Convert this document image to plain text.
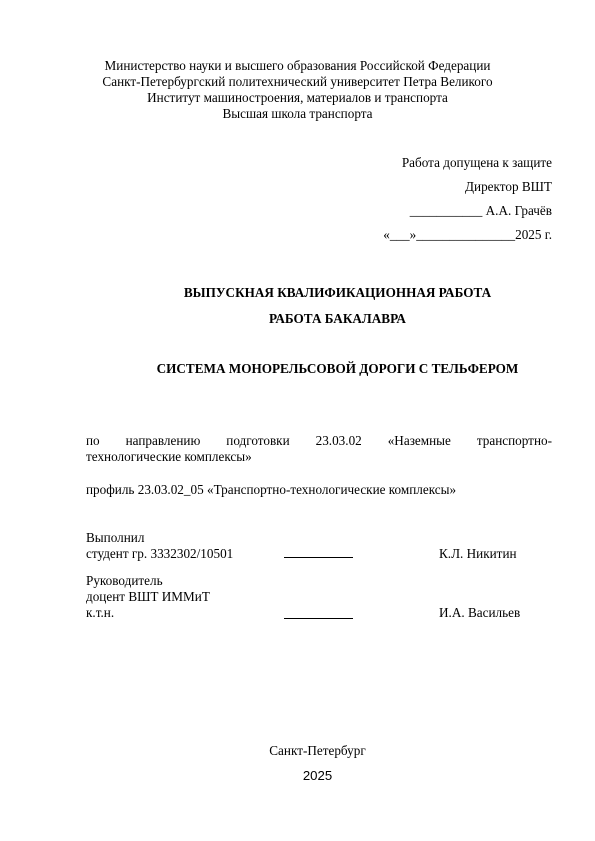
Министерство науки и высшего образования Российской Федерации
Санкт-Петербургский политехнический университет Петра Великого
Институт машиностроения, материалов и транспорта
Высшая школа транспорта
Работа допущена к защите
Директор ВШТ
___________ А.А. Грачёв
«___»_______________2025 г.
ВЫПУСКНАЯ КВАЛИФИКАЦИОННАЯ РАБОТА
РАБОТА БАКАЛАВРА
СИСТЕМА МОНОРЕЛЬСОВОЙ ДОРОГИ С ТЕЛЬФЕРОМ
по направлению подготовки 23.03.02 «Наземные транспортно-
технологические комплексы»
профиль 23.03.02_05 «Транспортно-технологические комплексы»
Выполнил
студент гр. 3332302/10501	К.Л. Никитин
Руководитель
доцент ВШТ ИММиТ
к.т.н.	И.А. Васильев
Санкт-Петербург
2025
